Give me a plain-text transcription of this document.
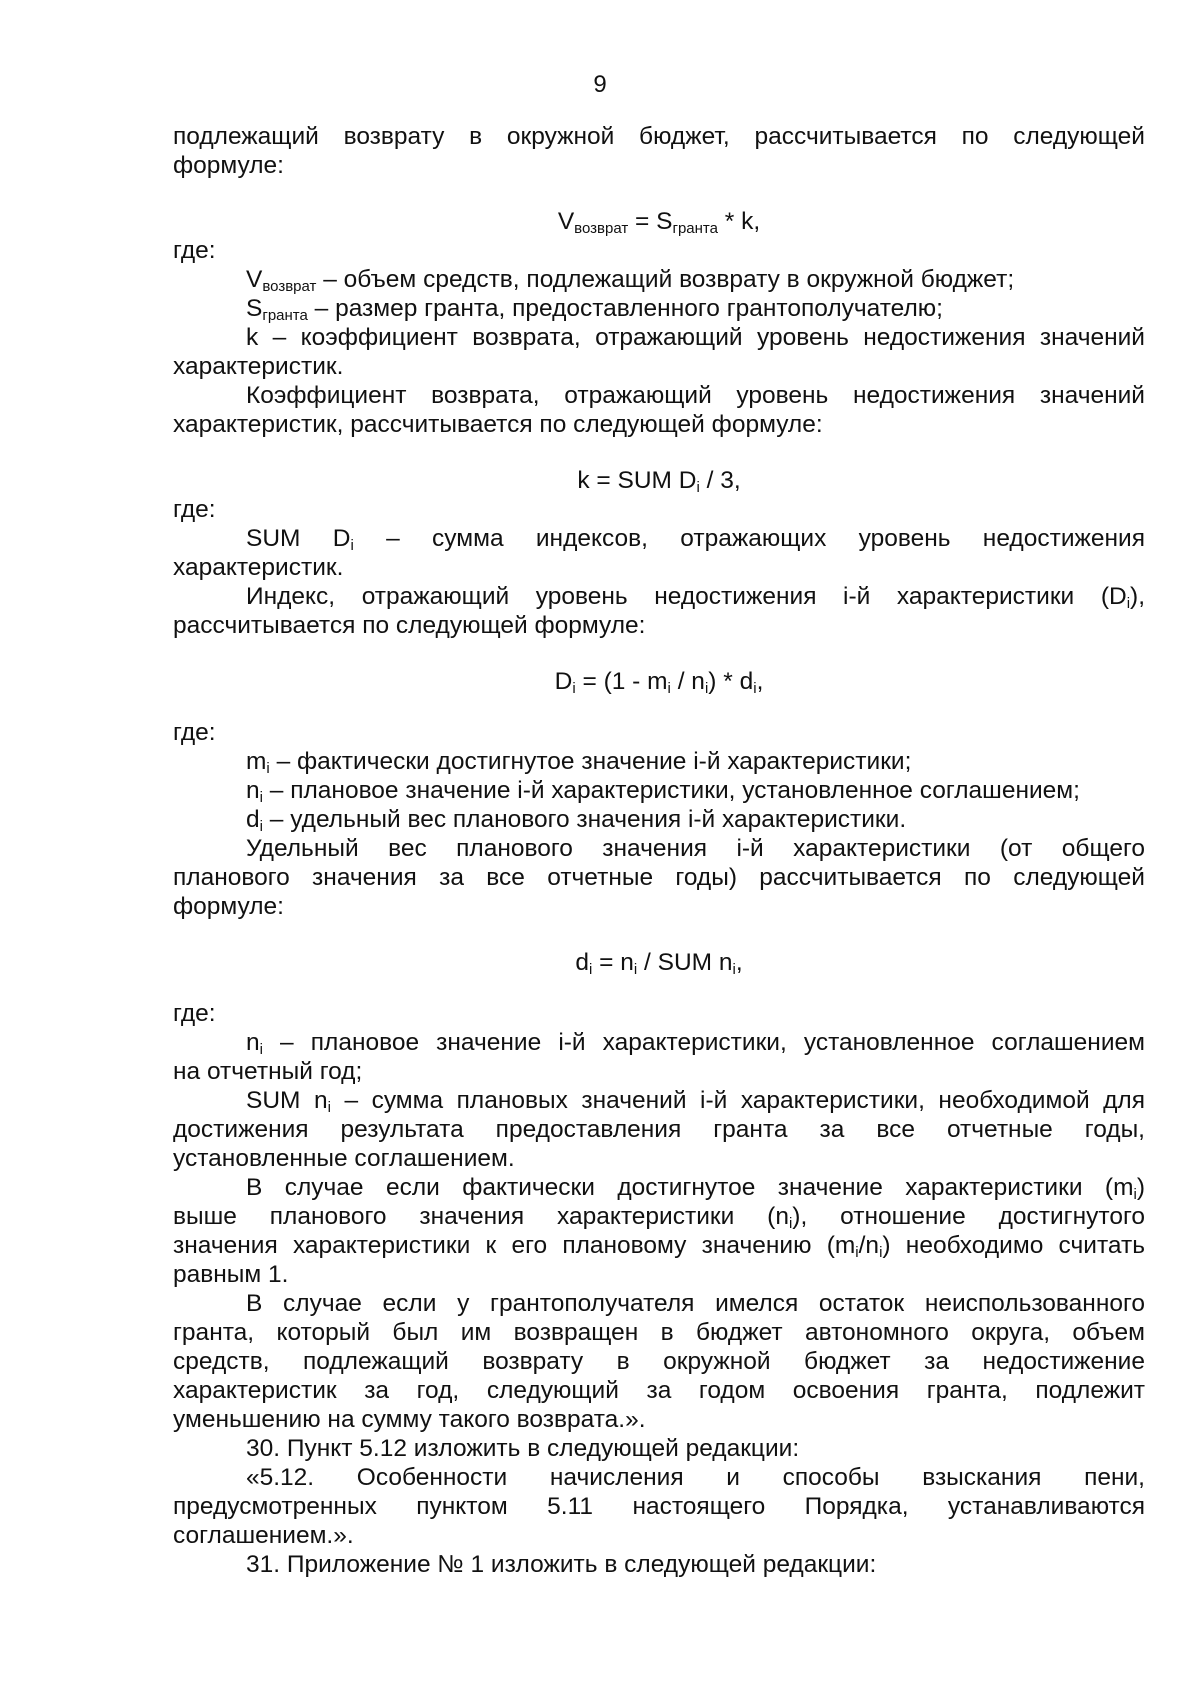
9
подлежащий возврату в окружной бюджет, рассчитывается по следующей
формуле:
$V_{возврат} = S_{гранта} * k$,
где:
$V_{возврат}$ – объем средств, подлежащий возврату в окружной бюджет;
$S_{гранта}$ – размер гранта, предоставленного грантополучателю;
k – коэффициент возврата, отражающий уровень недостижения значений
характеристик.
Коэффициент возврата, отражающий уровень недостижения значений
характеристик, рассчитывается по следующей формуле:
k = SUM $D_i / 3$,
где:
SUM $D_i$ – сумма индексов, отражающих уровень недостижения
характеристик.
Индекс, отражающий уровень недостижения i-й характеристики $(D_i)$,
рассчитывается по следующей формуле:
$D_i = (1 - m_i / n_i) * d_i$,
где:
$m_i$ – фактически достигнутое значение i-й характеристики;
$n_i$ – плановое значение i-й характеристики, установленное соглашением;
$d_i$ – удельный вес планового значения i-й характеристики.
Удельный вес планового значения i-й характеристики (от общего
планового значения за все отчетные годы) рассчитывается по следующей
формуле:
$d_i = n_i$ / SUM $n_i$,
где:
$n_i$ – плановое значение i-й характеристики, установленное соглашением
на отчетный год;
SUM $n_i$ – сумма плановых значений i-й характеристики, необходимой для
достижения результата предоставления гранта за все отчетные годы,
установленные соглашением.
В случае если фактически достигнутое значение характеристики $(m_i)$
выше планового значения характеристики $(n_i)$, отношение достигнутого
значения характеристики к его плановому значению $(m_i/n_i)$ необходимо считать
равным 1.
В случае если у грантополучателя имелся остаток неиспользованного
гранта, который был им возвращен в бюджет автономного округа, объем
средств, подлежащий возврату в окружной бюджет за недостижение
характеристик за год, следующий за годом освоения гранта, подлежит
уменьшению на сумму такого возврата.».
30. Пункт 5.12 изложить в следующей редакции:
«5.12. Особенности начисления и способы взыскания пени,
предусмотренных пунктом 5.11 настоящего Порядка, устанавливаются
соглашением.».
31. Приложение № 1 изложить в следующей редакции:
